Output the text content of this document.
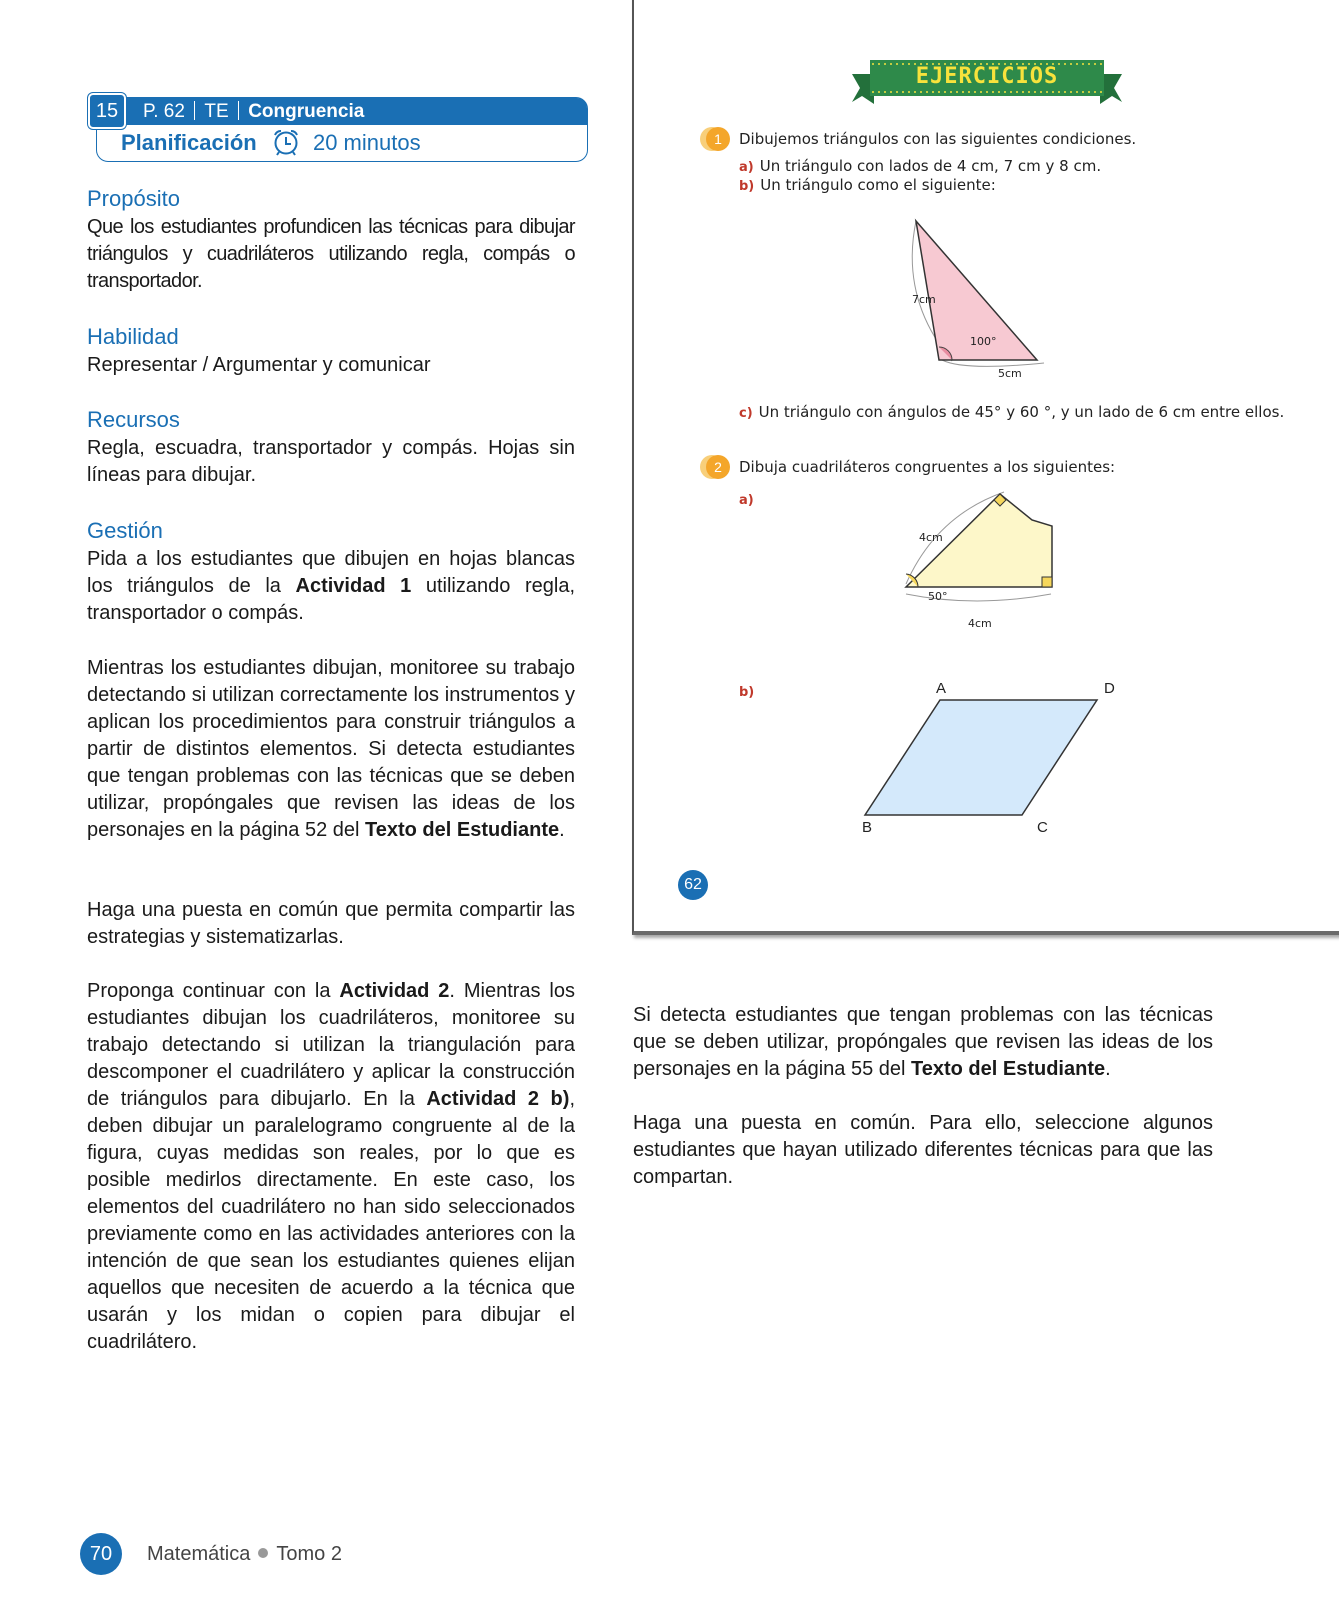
P. 62 TE Congruencia
Planificación	20 minutos
15
Propósito
Que los estudiantes profundicen las técnicas para dibujar triángulos y cuadriláteros utilizando regla, compás o transportador.
Habilidad
Representar / Argumentar y comunicar
Recursos
Regla, escuadra, transportador y compás. Hojas sin líneas para dibujar.
Gestión
Pida a los estudiantes que dibujen en hojas blancas los triángulos de la Actividad 1 utilizando regla, transportador o compás.
Mientras los estudiantes dibujan, monitoree su trabajo detectando si utilizan correctamente los instrumentos y aplican los procedimientos para construir triángulos a partir de distintos elementos. Si detecta estudiantes que tengan problemas con las técnicas que se deben utilizar, propóngales que revisen las ideas de los personajes en la página 52 del Texto del Estudiante.
Haga una puesta en común que permita compartir las estrategias y sistematizarlas.
Proponga continuar con la Actividad 2. Mientras los estudiantes dibujan los cuadriláteros, monitoree su trabajo detectando si utilizan la triangulación para descomponer el cuadrilátero y aplicar la construcción de triángulos para dibujarlo. En la Actividad 2 b), deben dibujar un paralelogramo congruente al de la figura, cuyas medidas son reales, por lo que es posible medirlos directamente. En este caso, los elementos del cuadrilátero no han sido seleccionados previamente como en las actividades anteriores con la intención de que sean los estudiantes quienes elijan aquellos que necesiten de acuerdo a la técnica que usarán y los midan o copien para dibujar el cuadrilátero.
EJERCICIOS
1	Dibujemos triángulos con las siguientes condiciones.
a) Un triángulo con lados de 4 cm, 7 cm y 8 cm.
b) Un triángulo como el siguiente:
7cm
100°
5cm
c) Un triángulo con ángulos de 45° y 60 °, y un lado de 6 cm entre ellos.
2	Dibuja cuadriláteros congruentes a los siguientes:
a)
4cm
50°
4cm
b)	A	D
B	C
62
Si detecta estudiantes que tengan problemas con las técnicas que se deben utilizar, propóngales que revisen las ideas de los personajes en la página 55 del Texto del Estudiante.
Haga una puesta en común. Para ello, seleccione algunos estudiantes que hayan utilizado diferentes técnicas para que las compartan.
70	Matemática Tomo 2
